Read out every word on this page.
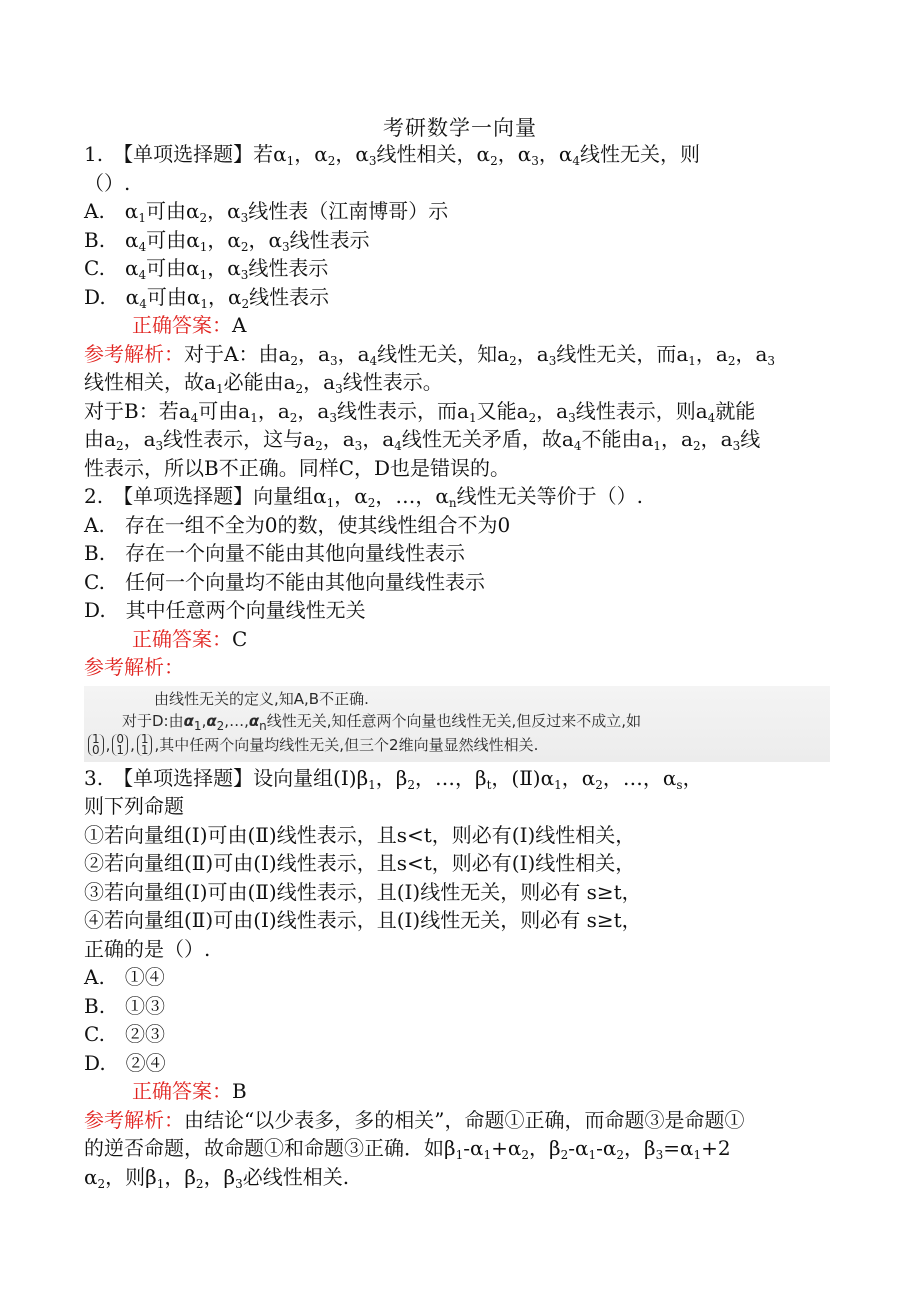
考研数学一向量
1.　【单项选择题】若$\alpha_1$，$\alpha_2$，$\alpha_3$线性相关，$\alpha_2$，$\alpha_3$，$\alpha_4$线性无关，则
（）.
A.　$\alpha_1$可由$\alpha_2$，$\alpha_3$线性表（江南博哥）示
B.　$\alpha_4$可由$\alpha_1$，$\alpha_2$，$\alpha_3$线性表示
C.　$\alpha_4$可由$\alpha_1$，$\alpha_3$线性表示
D.　$\alpha_4$可由$\alpha_1$，$\alpha_2$线性表示
正确答案：A
参考解析：对于A：由$a_2$，$a_3$，$a_4$线性无关，知$a_2$，$a_3$线性无关，而$a_1$，$a_2$，$a_3$
线性相关，故$a_1$必能由$a_2$，$a_3$线性表示。
对于B：若$a_4$可由$a_1$，$a_2$，$a_3$线性表示，而$a_1$又能$a_2$，$a_3$线性表示，则$a_4$就能
由$a_2$，$a_3$线性表示，这与$a_2$，$a_3$，$a_4$线性无关矛盾，故$a_4$不能由$a_1$，$a_2$，$a_3$线
性表示，所以B不正确。同样C，D也是错误的。
2.　【单项选择题】向量组$\alpha_1$，$\alpha_2$，…，$\alpha_n$线性无关等价于（）.
A.　存在一组不全为0的数，使其线性组合不为0
B.　存在一个向量不能由其他向量线性表示
C.　任何一个向量均不能由其他向量线性表示
D.　其中任意两个向量线性无关
正确答案：C
参考解析：
由线性无关的定义,知A,B不正确.
对于D:由$\alpha_1,\alpha_2,\dots,\alpha_n$线性无关,知任意两个向量也线性无关,但反过来不成立,如
1
0 , 0
1 , 1
1 ,其中任两个向量均线性无关,但三个2维向量显然线性相关.
3.　【单项选择题】设向量组$(Ⅰ)\beta_1$，$\beta_2$，…，$\beta_t$，$(Ⅱ)\alpha_1$，$\alpha_2$，…，$\alpha_s$，
则下列命题
①若向量组(Ⅰ)可由(Ⅱ)线性表示，且s<t，则必有(Ⅰ)线性相关，
②若向量组(Ⅱ)可由(Ⅰ)线性表示，且s<t，则必有(Ⅰ)线性相关，
③若向量组(Ⅰ)可由(Ⅱ)线性表示，且(Ⅰ)线性无关，则必有 s≥t，
④若向量组(Ⅱ)可由(Ⅰ)线性表示，且(Ⅰ)线性无关，则必有 s≥t，
正确的是（）.
A.　①④
B.　①③
C.　②③
D.　②④
正确答案：B
参考解析：由结论“以少表多，多的相关”，命题①正确，而命题③是命题①
的逆否命题，故命题①和命题③正确．如$\beta_1-\alpha_1+\alpha_2$，$\beta_2-\alpha_1-\alpha_2$，$\beta_3=\alpha_1+2$
$\alpha_2$，则$\beta_1$，$\beta_2$，$\beta_3$必线性相关.
